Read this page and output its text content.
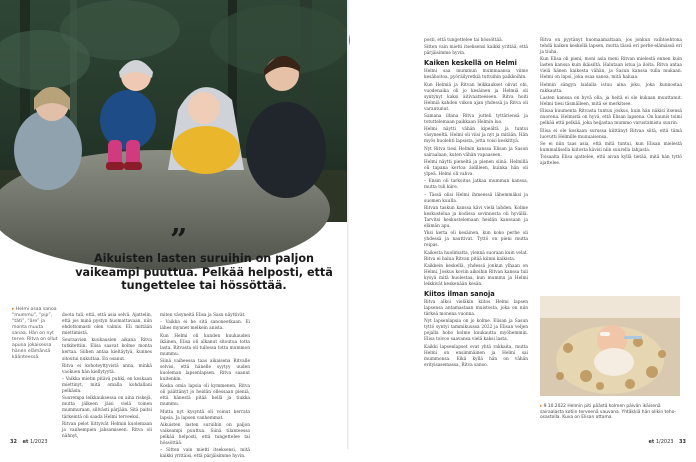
”
Aikuisten lasten suruihin on paljon vaikeampi puuttua. Pelkää helposti, että tungettelee tai hössöttää.
▸ Helmi osaa sanoa “mummu”, “pip”, “täti”, “äre” ja monta muuta sanaa. Hän on nyt terve. Ritva on ollut apuna jokaisessa hänen elämänsä käänteessä.

doota tuli, että, että asia selvä. Ajattelin, että jos minä pystyn huomattavaan, niin ehdottomasti olen valmis. Eli mittään miettimistä.

Seuraavien kuukausien aikana Ritva tutkitettiin. Elisa saavat kolme monta kertaa. Siihen antaa kieltäytyä, kunnes sitoutui nukuttaa. En osanut.

Ritva ei kohoteyttyvistä anna, minkä vaokuen hän kiellytyytä.

– Vaikka mietin pitävä puhki, en koskaan miettinyt, mitä omalla kohdallani pelkäsin.

Suurempa leikkauksessa on aina riskejä, mutta jälkeen jäisi vielä toinen mummuraan, sillvästi pärjään. Sitä paitsi tärkeintä oli saada Helmi terveeksi.

Ritvan pelot liittyivät Helmin kuolemaan ja vanhempien jaksamiseen. Ritva oli nähnyt,

miten väsyneitä Elisa ja Sasu näyttivät.

– Vaikka ei he sitä sanoneetkaan. Ei lähes mynnet melkein anista.

Kun Helmi oli kunden kuukauden ikäinen, Elisa oli alkanut sitoutua totta lasta. Ritvasta oli tullossa totta mummon mummu.

Siinä vaiheessa taas aikaisena Ritvalle selvisi, että hänelle syytyy uuden kuoleman lapsenlapsen. Ritva saanut kuitenkin.

Koska omia lapsia oli kymmenen, Ritva oli päättänyt jo heidän ollessaan pieniä, että hänestä pitää hellä ja tiukka mummu.

Mutta nyt kysyntä oli voinut kerrata lapsia. Ja lapsen vanhemmat.

Aikuisten lasten suruihin on paljon vaikeampi puuttua. Siinä tilanteessa pelkää helposti, että tungettelee tai hössöttää.

– Sitten vain mietti itseksensi, mitä kaikki yrittäisi, että pärjäisimme hyvin.

32 et 1/2023

posti, että tungettelee tai hössöttää.

Sitten vain mietti itseksensi kaikki yrittää, että pärjäisimme hyvin.

Kaiken keskellä on Helmi

Helmi saa mummun mummaansa viime kesähoitoa, pyöräilyretkiä tuttuihin paikkoihin.

Kun Helmiä ja Ritvan leikkaukset olivat ohi, vuodenaika oli jo kesäinen ja Helmiä oli syntynyt kaksi äitivaatteeseen. Ritva hoiti Helmiä kahden viikon ajan yhdessä ja Ritva oli varautunut.

Samana iltana Ritva jutteli tyttäriensä ja totuttelemaan paikkaan Helmin luo.

Helmi näytti vähän kipeältä ja tuntui väsyneeltä. Helmi oli viisi ja nyt ja mitään. Hän myös huolehti lapsista, jotta voisi keskittyä.

Nyt Ritva tiesi Helmin kanssa Elisan ja Sasun sairaalaan, kuten vähän vapaaseen.

Helmi näytti pieneltä ja pienen siinä. Helmillä oli tapana kertoa äidilleen, kuinka hän oli ylpeä. Helmi oli vahva.

– Ensin oli tarkoitus jatkaa mummun kanssa, mutta tuli kiire.

– Tässä olisi Helmi ihmeessä lähemmäksi ja suomen kuulla.

Ritvan taskun kanssa kävi vielä lahden. Kolme keskustelua ja kodissa sovinnosta oli hyvällä. Tarvitsi keskustelemaan heidän kanssaan ja elämän apu.

Yksi kerta oli kesäinen, kun koko perhe oli yhdessä ja nauttivat. Tyttö on pieni mutta reipas.

Kaikesta huolimatta, ylennä suoraan kuin velat. Ritva ei halua Ritvan pitää kiinni kaikista.

Kaikkein keskellä, yhdessä jonkun ylhaan on Helmi. Joskus koviin aikoihin Ritvan kanssa tuli kysyä mitä huolestaa, kun mummu ja Helmi leikkivät keskenään kesän.

Kiitos ilman sanoja

Ritva alkoi vieläkin kiitos Helmi lapsen lapsensa antamastaan muistosta, joka on niin tärkeä monena vuonna.

Nyt lapsenlapsia on jo kolme. Elisan ja Sasun tyttö syntyi tammikuussa 2022 ja Elisan veljen pojalla hobo kolme kuukautta myöhemmin. Elisa toivoo saavansa vielä kaksi lasta.

Kaikki lapsenlapset ovat yhtä rakkaita, mutta Helmi on ensimmäinen ja Helmi sai mummonsa. Eikä kyllä hän on vähän erityisasemassa, Ritva sanoo.

Ritva on pyytänyt huomaamattaan, jos jonkun vaihtoehtona tehdä kaiken keskellä lapsen, mutta tässä eri perhe-elämässä eri ja tiuha.

Kun Elisa oli pieni, moni asia meni Ritvan mielestä ennen kuin lasten kanssa kuin ikäisiltä. Halutaan istua ja iloita. Ritva antaa vielä hänen kaikesta vähän, ja Sasun kanssa tulla mukaan. Helmi on lapsi, joka osaa sanoa, mitä haluaa.

Helmin sängyn laidalla istuu aina joku, joka kunnostaa rakkautta.

Lasten kanssa on hyvä olla, ja heitä ei ole kukaan muuttanut. Helmi tiesi täsmälleen, mitä se merkitsee.

Elisaa kuumenta Ritvasta tuntuu joskus, kuin hän näkisi itsensä nuorena. Helmistä on hyvä, että Elisan lapsena. On kaunis toimi pelkää että pelkää, joka heijastaa mummo varustamista suurin.

Elisa ei ole koskaan surussa kiittänyt Ritvaa siitä, että tämä luovutti Helmille munuaisensa.

Se ei niin taas asia, että mitä tuntui, kun Elisan mielestä kummallisella kiitosta kävisi niin suurella lahjasta.

Toisaalta Elisa ajattelee, että aivan kyllä tietää, mitä hän tyttö ajattelee.

▸ 9.10.2022 Helmin piti päästä kolmen päivän ikäisenä sairaalasta kotiin terveenä vauvana. Yhtäkkiä hän olikin teho-osastolla. Kuva on Elisan ottama.
et 1/2023 33
